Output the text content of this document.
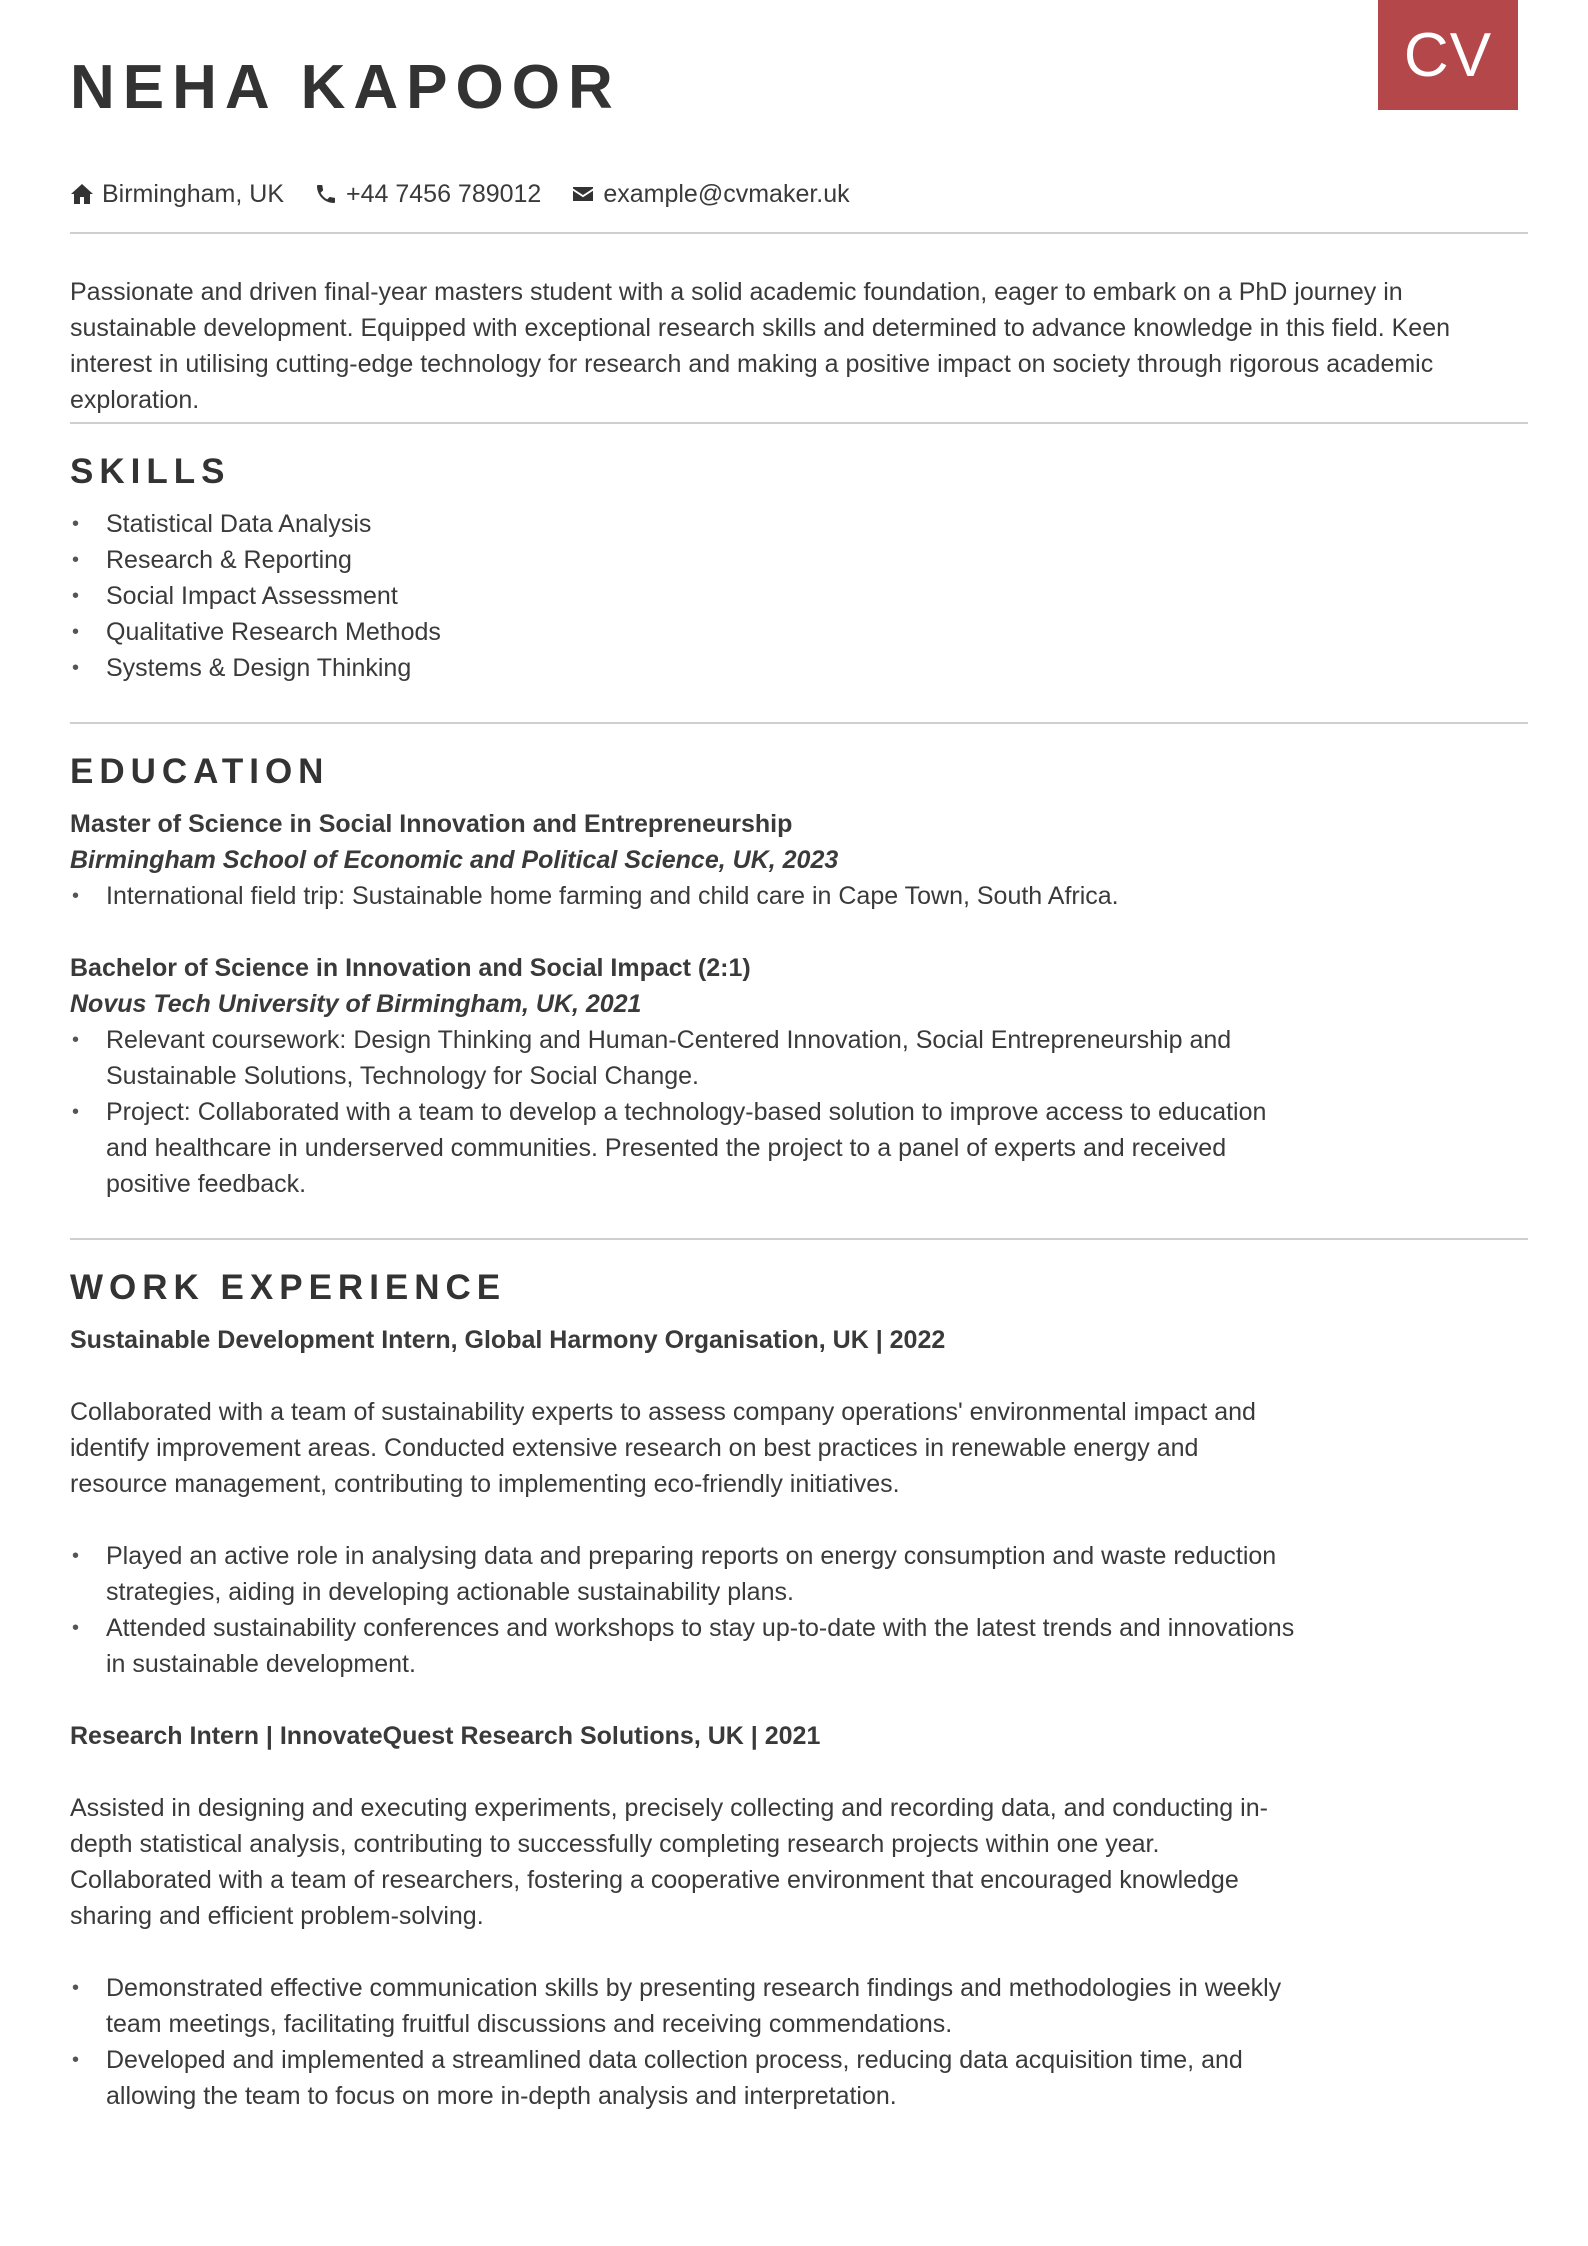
CV
NEHA KAPOOR
Birmingham, UK +44 7456 789012 example@cvmaker.uk

Passionate and driven final-year masters student with a solid academic foundation, eager to embark on a PhD journey in sustainable development. Equipped with exceptional research skills and determined to advance knowledge in this field. Keen interest in utilising cutting-edge technology for research and making a positive impact on society through rigorous academic exploration.

SKILLS
• Statistical Data Analysis
• Research & Reporting
• Social Impact Assessment
• Qualitative Research Methods
• Systems & Design Thinking
EDUCATION

Master of Science in Social Innovation and Entrepreneurship

Birmingham School of Economic and Political Science, UK, 2023

• International field trip: Sustainable home farming and child care in Cape Town, South Africa.

Bachelor of Science in Innovation and Social Impact (2:1)

Novus Tech University of Birmingham, UK, 2021

• Relevant coursework: Design Thinking and Human-Centered Innovation, Social Entrepreneurship and Sustainable Solutions, Technology for Social Change.
• Project: Collaborated with a team to develop a technology-based solution to improve access to education and healthcare in underserved communities. Presented the project to a panel of experts and received positive feedback.
WORK EXPERIENCE

Sustainable Development Intern, Global Harmony Organisation, UK | 2022

Collaborated with a team of sustainability experts to assess company operations' environmental impact and identify improvement areas. Conducted extensive research on best practices in renewable energy and resource management, contributing to implementing eco-friendly initiatives.

• Played an active role in analysing data and preparing reports on energy consumption and waste reduction strategies, aiding in developing actionable sustainability plans.
• Attended sustainability conferences and workshops to stay up-to-date with the latest trends and innovations in sustainable development.

Research Intern | InnovateQuest Research Solutions, UK | 2021

Assisted in designing and executing experiments, precisely collecting and recording data, and conducting in-depth statistical analysis, contributing to successfully completing research projects within one year. Collaborated with a team of researchers, fostering a cooperative environment that encouraged knowledge sharing and efficient problem-solving.

• Demonstrated effective communication skills by presenting research findings and methodologies in weekly team meetings, facilitating fruitful discussions and receiving commendations.
• Developed and implemented a streamlined data collection process, reducing data acquisition time, and allowing the team to focus on more in-depth analysis and interpretation.
